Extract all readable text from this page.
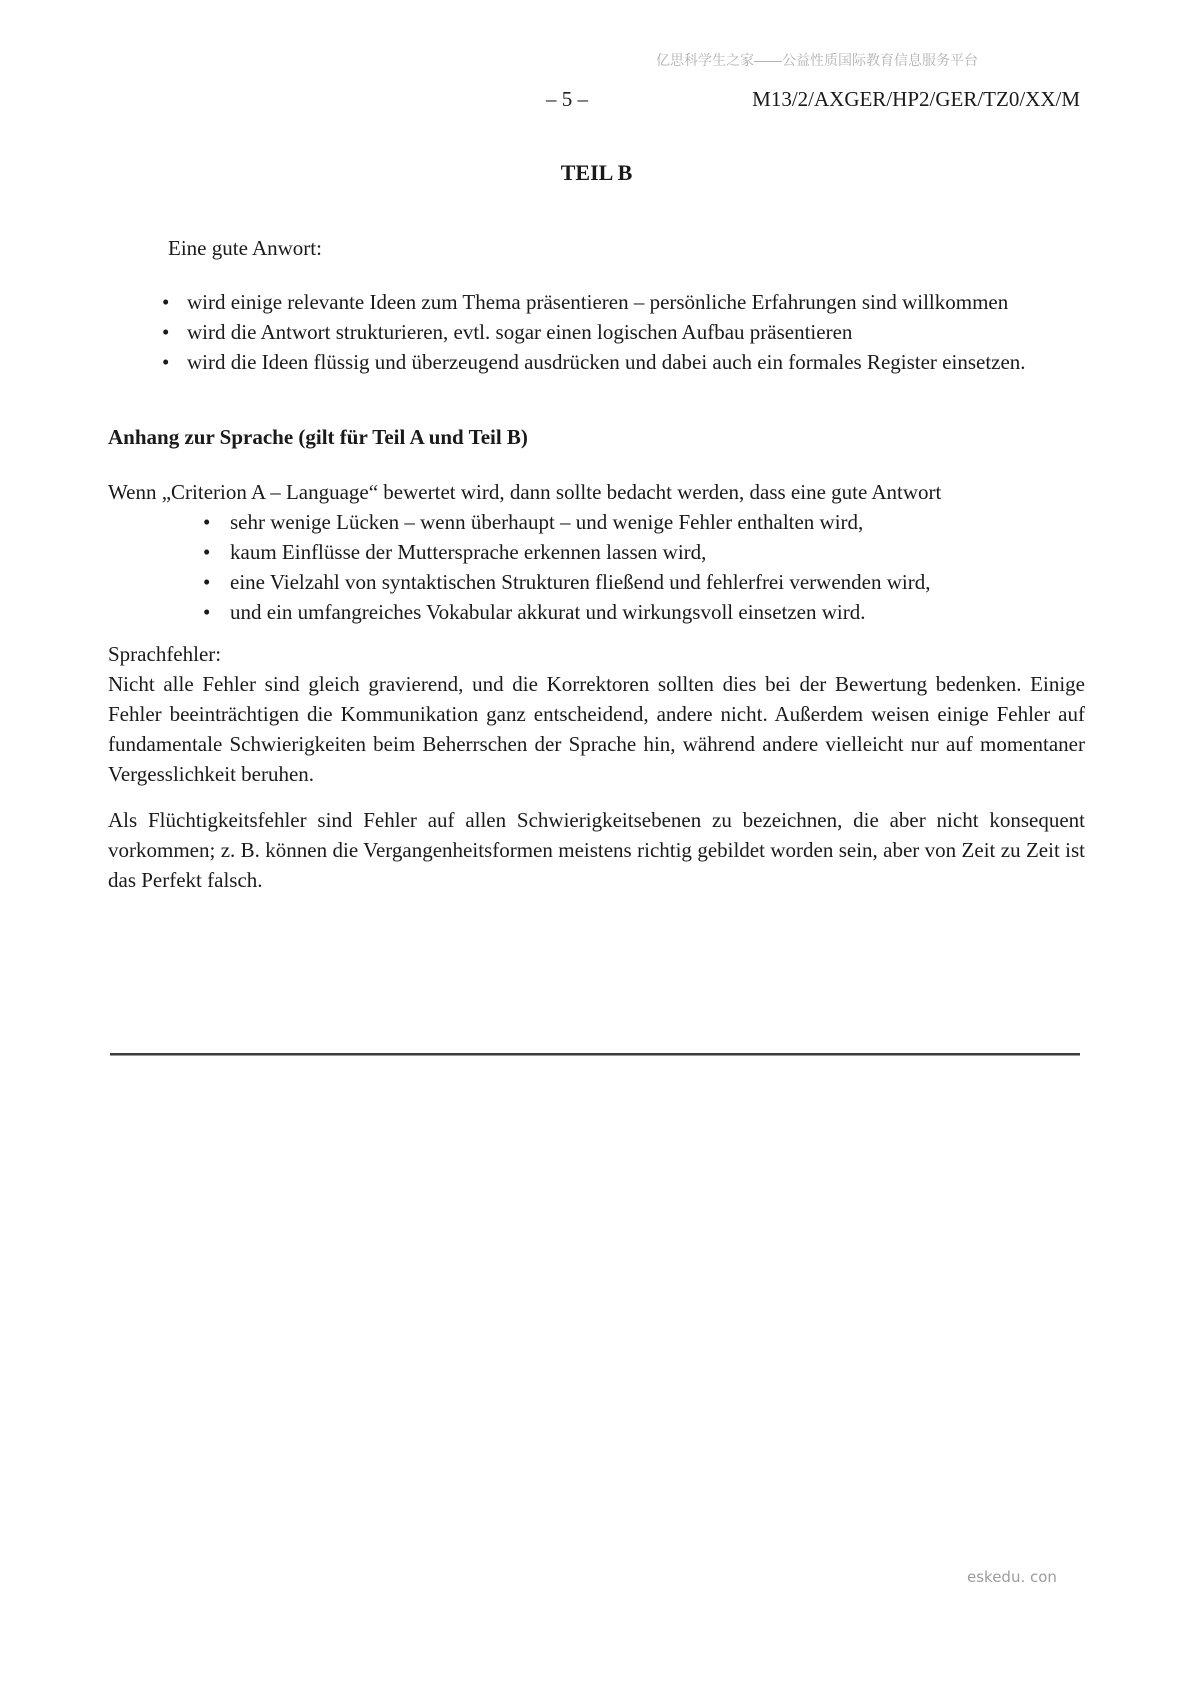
亿思科学生之家——公益性质国际教育信息服务平台
– 5 –	M13/2/AXGER/HP2/GER/TZ0/XX/M
TEIL B
Eine gute Anwort:
• wird einige relevante Ideen zum Thema präsentieren – persönliche Erfahrungen sind willkommen
• wird die Antwort strukturieren, evtl. sogar einen logischen Aufbau präsentieren
• wird die Ideen flüssig und überzeugend ausdrücken und dabei auch ein formales Register einsetzen.
Anhang zur Sprache (gilt für Teil A und Teil B)
Wenn „Criterion A – Language“ bewertet wird, dann sollte bedacht werden, dass eine gute Antwort
• sehr wenige Lücken – wenn überhaupt – und wenige Fehler enthalten wird,
• kaum Einflüsse der Muttersprache erkennen lassen wird,
• eine Vielzahl von syntaktischen Strukturen fließend und fehlerfrei verwenden wird,
• und ein umfangreiches Vokabular akkurat und wirkungsvoll einsetzen wird.
Sprachfehler:

Nicht alle Fehler sind gleich gravierend, und die Korrektoren sollten dies bei der Bewertung bedenken. Einige Fehler beeinträchtigen die Kommunikation ganz entscheidend, andere nicht. Außerdem weisen einige Fehler auf fundamentale Schwierigkeiten beim Beherrschen der Sprache hin, während andere vielleicht nur auf momentaner Vergesslichkeit beruhen.

Als Flüchtigkeitsfehler sind Fehler auf allen Schwierigkeitsebenen zu bezeichnen, die aber nicht konsequent vorkommen; z. B. können die Vergangenheitsformen meistens richtig gebildet worden sein, aber von Zeit zu Zeit ist das Perfekt falsch.

eskedu. con
